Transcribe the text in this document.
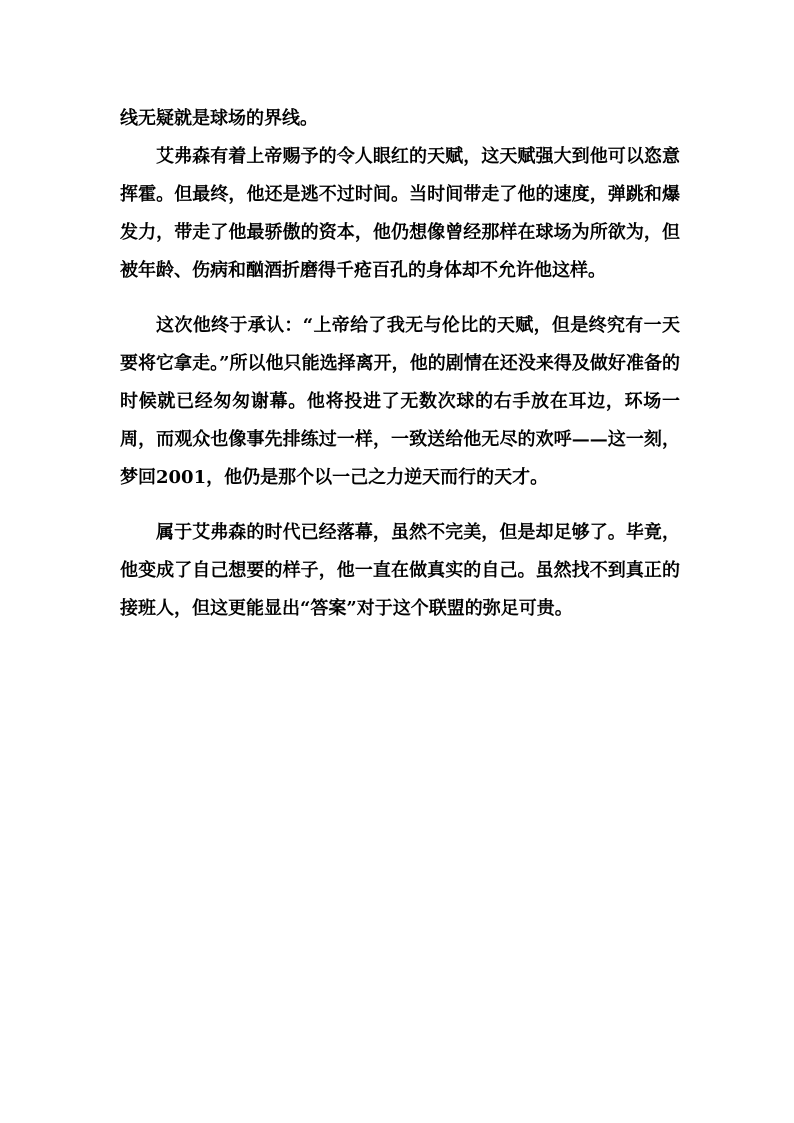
线无疑就是球场的界线。

艾弗森有着上帝赐予的令人眼红的天赋，这天赋强大到他可以恣意挥霍。但最终，他还是逃不过时间。当时间带走了他的速度，弹跳和爆发力，带走了他最骄傲的资本，他仍想像曾经那样在球场为所欲为，但被年龄、伤病和酗酒折磨得千疮百孔的身体却不允许他这样。

这次他终于承认：“上帝给了我无与伦比的天赋，但是终究有一天要将它拿走。”所以他只能选择离开，他的剧情在还没来得及做好准备的时候就已经匆匆谢幕。他将投进了无数次球的右手放在耳边，环场一周，而观众也像事先排练过一样，一致送给他无尽的欢呼——这一刻，梦回2001，他仍是那个以一己之力逆天而行的天才。

属于艾弗森的时代已经落幕，虽然不完美，但是却足够了。毕竟，他变成了自己想要的样子，他一直在做真实的自己。虽然找不到真正的接班人，但这更能显出“答案”对于这个联盟的弥足可贵。
